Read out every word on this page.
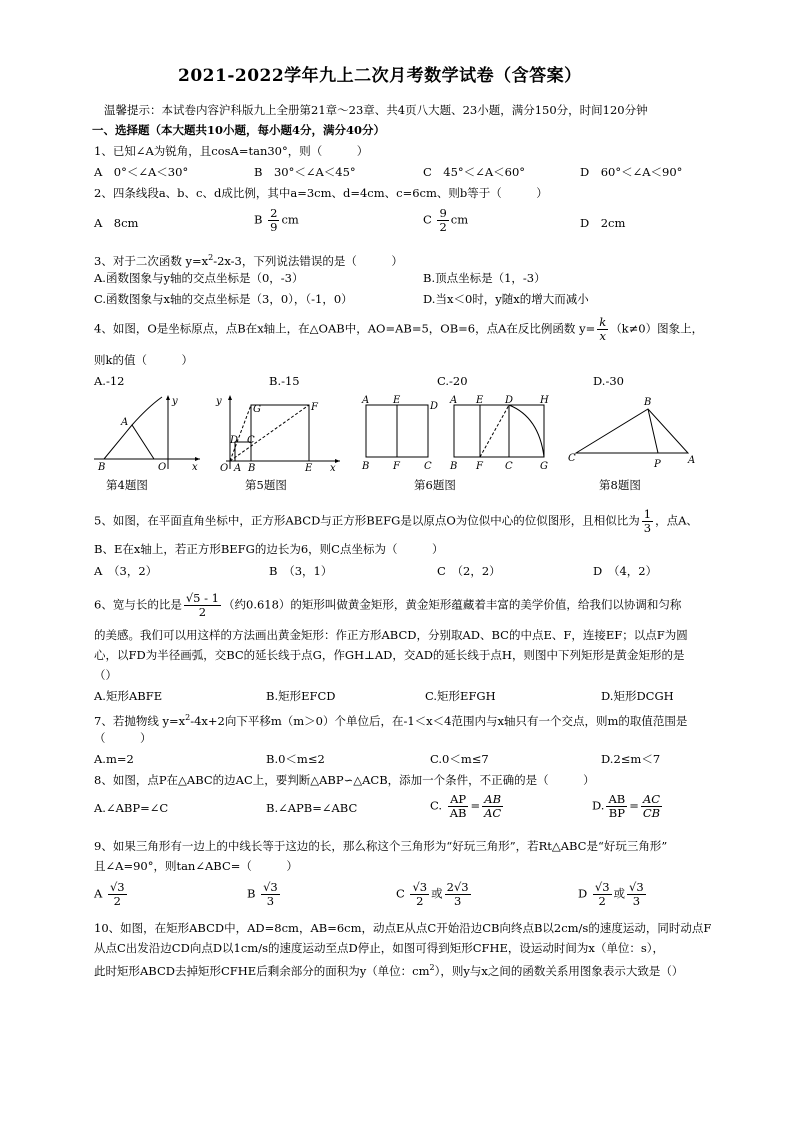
2021-2022学年九上二次月考数学试卷（含答案）
温馨提示：本试卷内容沪科版九上全册第21章～23章、共4页八大题、23小题，满分150分，时间120分钟
一、选择题（本大题共10小题，每小题4分，满分40分）
1、已知∠A为锐角，且cosA=tan30°，则（　　　）
A　0°＜∠A＜30°	B　30°＜∠A＜45°	C　45°＜∠A＜60°	D　60°＜∠A＜90°
2、四条线段a、b、c、d成比例，其中a=3cm、d=4cm、c=6cm、则b等于（　　　）
A　8cm	B $\frac{2}{9}$ cm	C $\frac{9}{2}$ cm	D　2cm
3、对于二次函数 $y=x^2-2x-3$，下列说法错误的是（　　　）
A.函数图象与y轴的交点坐标是（0，-3）	B.顶点坐标是（1，-3）
C.函数图象与x轴的交点坐标是（3，0），（-1，0）	D.当x＜0时，y随x的增大而减小
4、如图，O是坐标原点，点B在x轴上，在△OAB中，AO=AB=5，OB=6，点A在反比例函数 $y= \frac{k}{x} (k\ne 0)$图象上，
则k的值（　　　）
A.-12	B.-15	C.-20	D.-30
y
A
B	O	x
y
G	F
D C
O A B	E x
A E
D
B F C
A E D	H
B F C	G
B
C
P	A
第4题图	第5题图	第6题图	第8题图
5、如图，在平面直角坐标中，正方形ABCD与正方形BEFG是以原点O为位似中心的位似图形，且相似比为 $\frac{1}{3}$ ，点A、
B、E在x轴上，若正方形BEFG的边长为6，则C点坐标为（　　　）
A　（3，2）	B　（3，1）	C　（2，2）	D　（4，2）
6、宽与长的比是 $\frac{√5 - 1}{2}$ （约0.618）的矩形叫做黄金矩形，黄金矩形蕴藏着丰富的美学价值，给我们以协调和匀称
的美感。我们可以用这样的方法画出黄金矩形：作正方形ABCD，分别取AD、BC的中点E、F，连接EF；以点F为圆
心，以FD为半径画弧，交BC的延长线于点G，作GH⊥AD，交AD的延长线于点H，则图中下列矩形是黄金矩形的是
（）
A.矩形ABFE	B.矩形EFCD	C.矩形EFGH	D.矩形DCGH
7、若抛物线 $y=x^2-4x+2$向下平移m（m＞0）个单位后，在-1＜x＜4范围内与x轴只有一个交点，则m的取值范围是
（　　　）
A.m=2	B.0＜m≤2	C.0＜m≤7	D.2≤m＜7
8、如图，点P在△ABC的边AC上，要判断△ABP∽△ACB，添加一个条件，不正确的是（　　　）
A.∠ABP=∠C	B.∠APB=∠ABC	C. $\frac{AP}{AB} = \frac{AB}{AC}$	D. $\frac{AB}{BP} = \frac{AC}{CB}$
9、如果三角形有一边上的中线长等于这边的长，那么称这个三角形为“好玩三角形”，若Rt△ABC是“好玩三角形”
且∠A=90°，则tan∠ABC=（　　　）
A $\frac{√3}{2}$	B $\frac{√3}{3}$	C $\frac{√3}{2}$ 或 $\frac{2√3}{3}$	D $\frac{√3}{2}$ 或 $\frac{√3}{3}$
10、如图，在矩形ABCD中，AD=8cm，AB=6cm，动点E从点C开始沿边CB向终点B以2cm/s的速度运动，同时动点F
从点C出发沿边CD向点D以1cm/s的速度运动至点D停止，如图可得到矩形CFHE，设运动时间为x（单位：s），
此时矩形ABCD去掉矩形CFHE后剩余部分的面积为y（单位：$cm^2$），则y与x之间的函数关系用图象表示大致是（）
